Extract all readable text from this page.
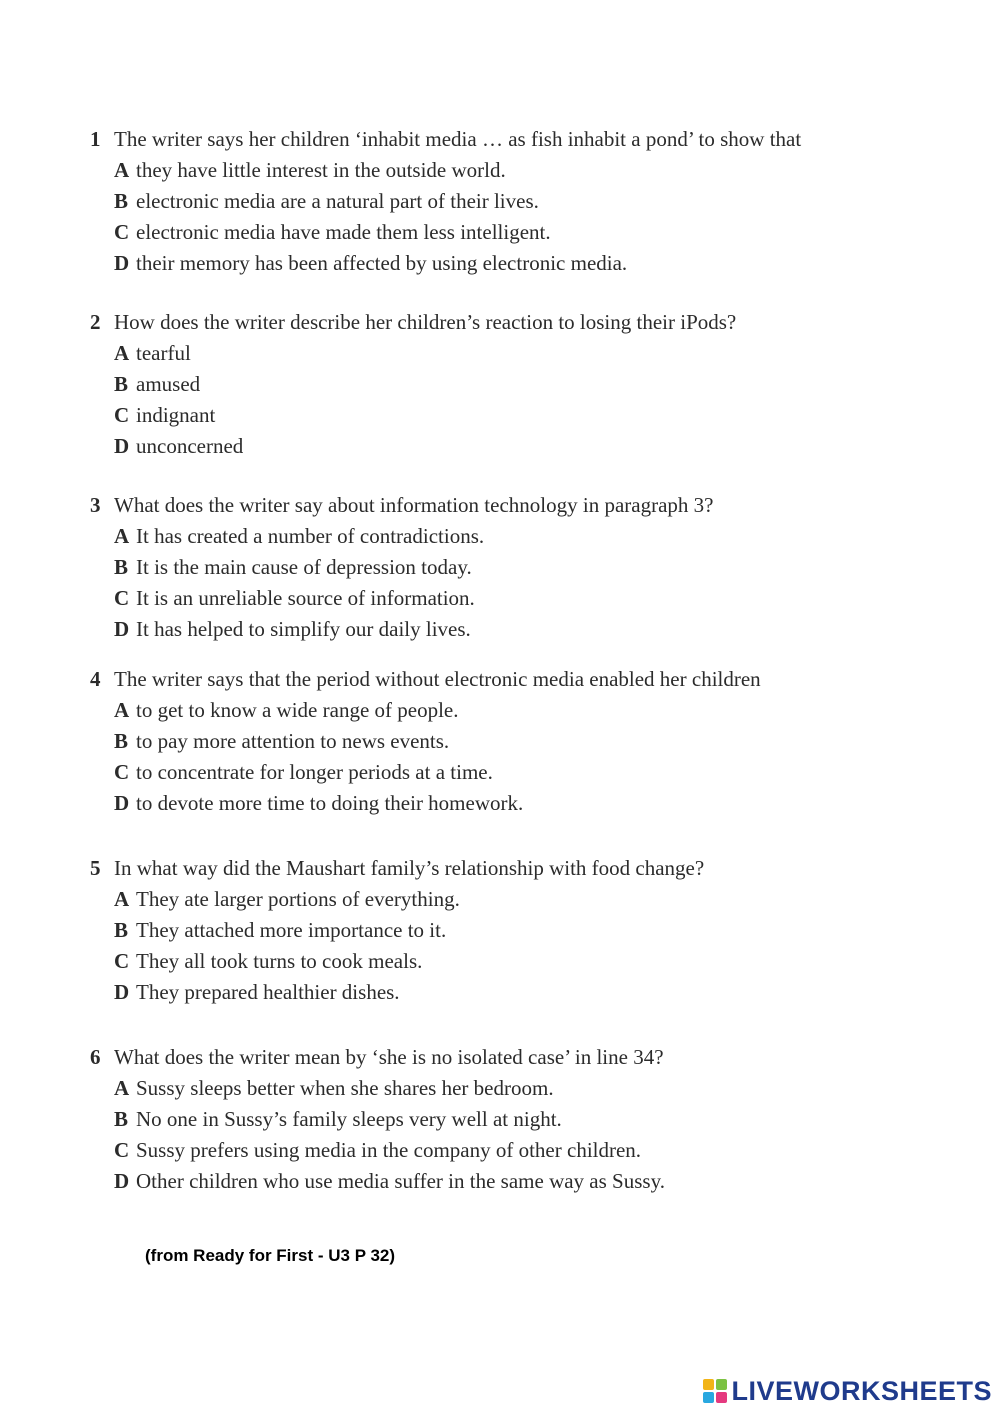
1 The writer says her children ‘inhabit media … as fish inhabit a pond’ to show that
A they have little interest in the outside world.
B electronic media are a natural part of their lives.
C electronic media have made them less intelligent.
D their memory has been affected by using electronic media.
2 How does the writer describe her children’s reaction to losing their iPods?
A tearful
B amused
C indignant
D unconcerned
3 What does the writer say about information technology in paragraph 3?
A It has created a number of contradictions.
B It is the main cause of depression today.
C It is an unreliable source of information.
D It has helped to simplify our daily lives.
4 The writer says that the period without electronic media enabled her children
A to get to know a wide range of people.
B to pay more attention to news events.
C to concentrate for longer periods at a time.
D to devote more time to doing their homework.
5 In what way did the Maushart family’s relationship with food change?
A They ate larger portions of everything.
B They attached more importance to it.
C They all took turns to cook meals.
D They prepared healthier dishes.
6 What does the writer mean by ‘she is no isolated case’ in line 34?
A Sussy sleeps better when she shares her bedroom.
B No one in Sussy’s family sleeps very well at night.
C Sussy prefers using media in the company of other children.
D Other children who use media suffer in the same way as Sussy.
(from Ready for First - U3 P 32)
LIVEWORKSHEETS
